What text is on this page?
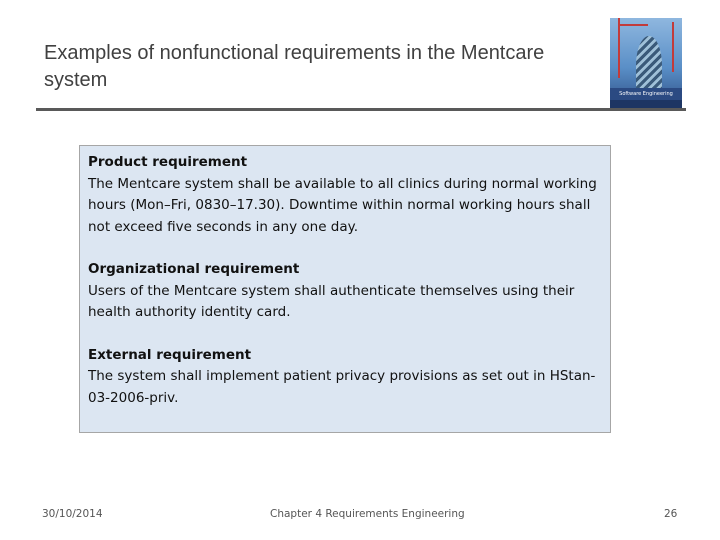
Examples of nonfunctional requirements in the Mentcare system
Software Engineering
Product requirement
The Mentcare system shall be available to all clinics during normal working hours (Mon–Fri, 0830–17.30). Downtime within normal working hours shall not exceed five seconds in any one day.
Organizational requirement
Users of the Mentcare system shall authenticate themselves using their health authority identity card.
External requirement
The system shall implement patient privacy provisions as set out in HStan-03-2006-priv.
30/10/2014	Chapter 4 Requirements Engineering	26
